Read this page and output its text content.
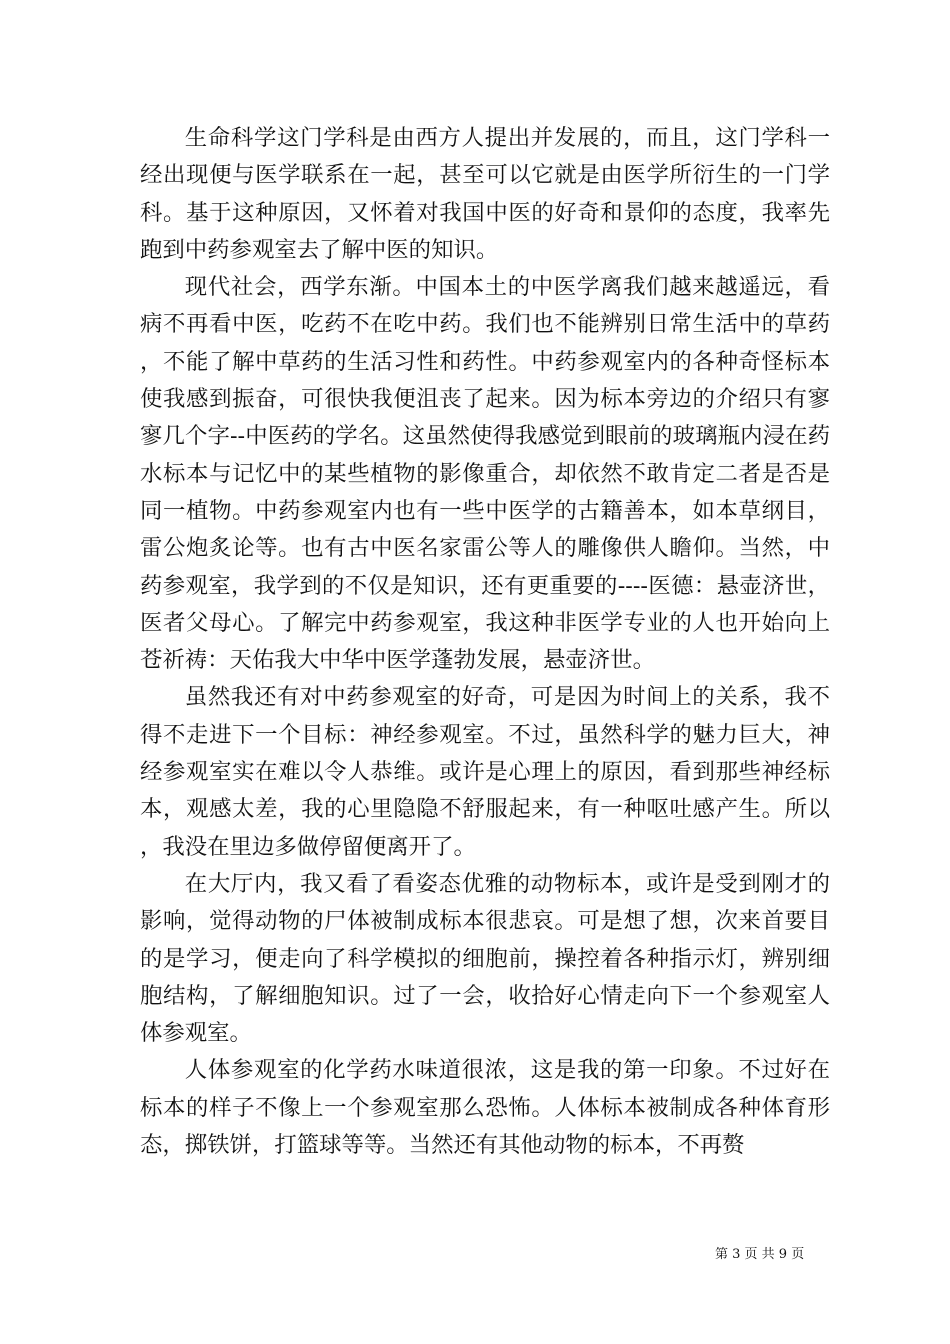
生命科学这门学科是由西方人提出并发展的，而且，这门学科一经出现便与医学联系在一起，甚至可以它就是由医学所衍生的一门学科。基于这种原因，又怀着对我国中医的好奇和景仰的态度，我率先跑到中药参观室去了解中医的知识。

现代社会，西学东渐。中国本土的中医学离我们越来越遥远，看病不再看中医，吃药不在吃中药。我们也不能辨别日常生活中的草药，不能了解中草药的生活习性和药性。中药参观室内的各种奇怪标本使我感到振奋，可很快我便沮丧了起来。因为标本旁边的介绍只有寥寥几个字--中医药的学名。这虽然使得我感觉到眼前的玻璃瓶内浸在药水标本与记忆中的某些植物的影像重合，却依然不敢肯定二者是否是同一植物。中药参观室内也有一些中医学的古籍善本，如本草纲目，雷公炮炙论等。也有古中医名家雷公等人的雕像供人瞻仰。当然，中药参观室，我学到的不仅是知识，还有更重要的----医德：悬壶济世，医者父母心。了解完中药参观室，我这种非医学专业的人也开始向上苍祈祷：天佑我大中华中医学蓬勃发展，悬壶济世。

虽然我还有对中药参观室的好奇，可是因为时间上的关系，我不得不走进下一个目标：神经参观室。不过，虽然科学的魅力巨大，神经参观室实在难以令人恭维。或许是心理上的原因，看到那些神经标本，观感太差，我的心里隐隐不舒服起来，有一种呕吐感产生。所以，我没在里边多做停留便离开了。

在大厅内，我又看了看姿态优雅的动物标本，或许是受到刚才的影响，觉得动物的尸体被制成标本很悲哀。可是想了想，次来首要目的是学习，便走向了科学模拟的细胞前，操控着各种指示灯，辨别细胞结构，了解细胞知识。过了一会，收拾好心情走向下一个参观室人体参观室。

人体参观室的化学药水味道很浓，这是我的第一印象。不过好在标本的样子不像上一个参观室那么恐怖。人体标本被制成各种体育形态，掷铁饼，打篮球等等。当然还有其他动物的标本，不再赘

第 3 页 共 9 页
